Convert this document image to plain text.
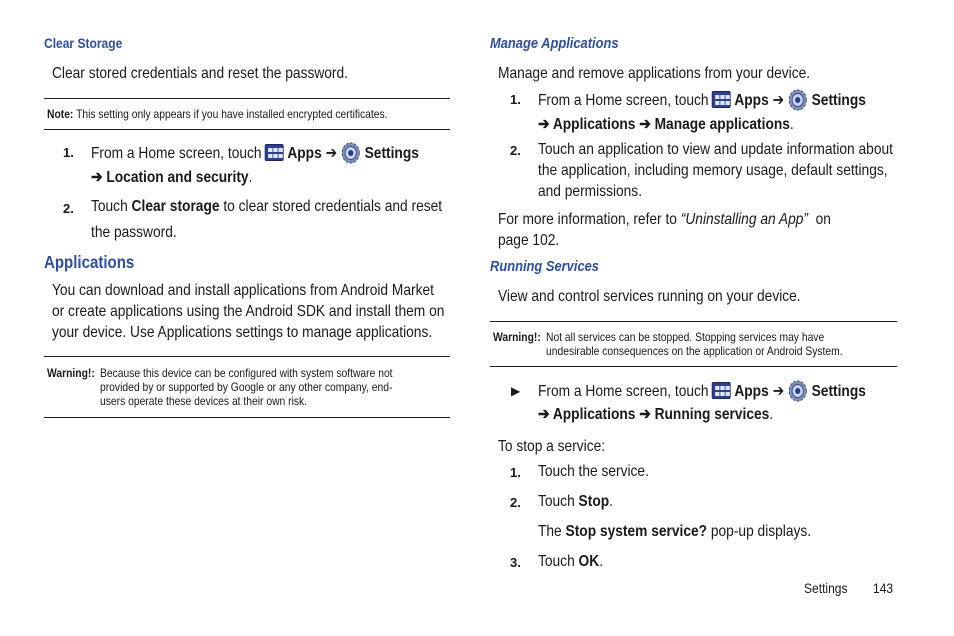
Clear Storage
Clear stored credentials and reset the password.
Note: This setting only appears if you have installed encrypted certificates.
1. From a Home screen, touch Apps ➔ Settings
➔ Location and security.
2. Touch Clear storage to clear stored credentials and reset
the password.
Applications
You can download and install applications from Android Market
or create applications using the Android SDK and install them on
your device. Use Applications settings to manage applications.
Warning!: Because this device can be configured with system software not
provided by or supported by Google or any other company, end-
users operate these devices at their own risk.
Manage Applications
Manage and remove applications from your device.
1. From a Home screen, touch Apps ➔ Settings
➔ Applications ➔ Manage applications.
2. Touch an application to view and update information about
the application, including memory usage, default settings,
and permissions.
For more information, refer to “Uninstalling an App” on
page 102.
Running Services
View and control services running on your device.
Warning!: Not all services can be stopped. Stopping services may have
undesirable consequences on the application or Android System.
▶ From a Home screen, touch Apps ➔ Settings
➔ Applications ➔ Running services.
To stop a service:
1. Touch the service.
2. Touch Stop.
The Stop system service? pop-up displays.
3. Touch OK.
Settings	143
